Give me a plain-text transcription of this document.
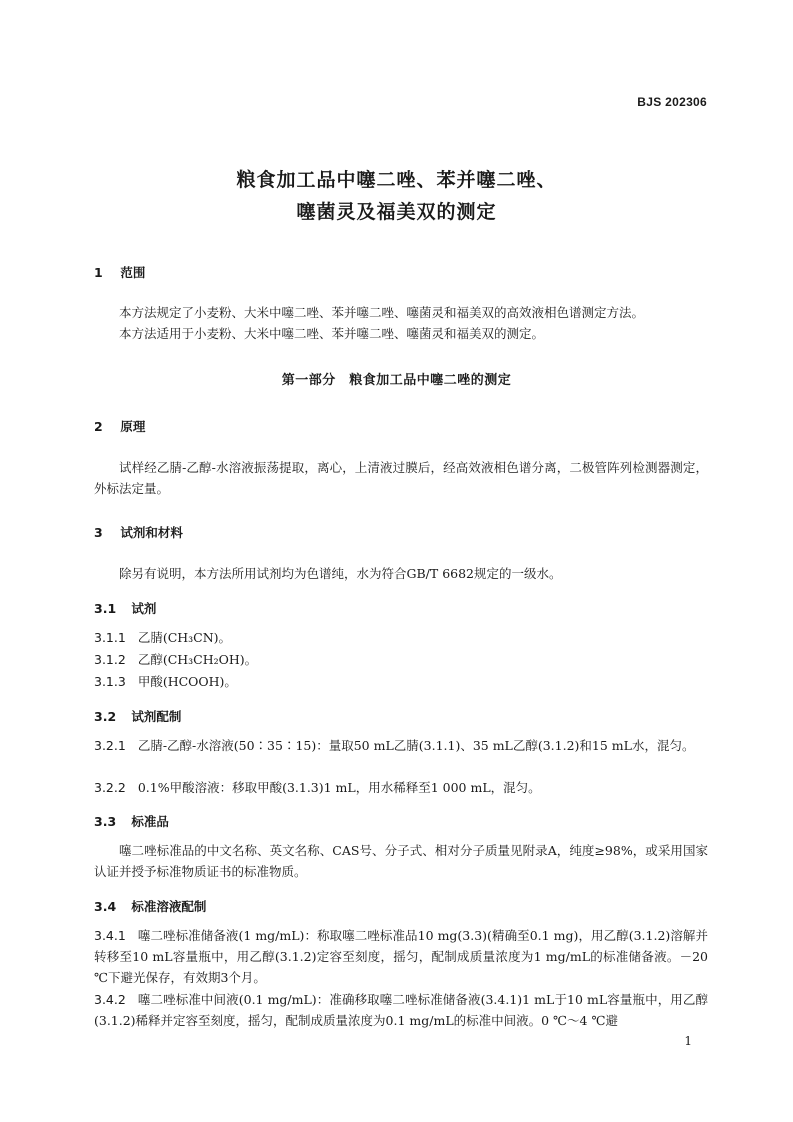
BJS 202306
粮食加工品中噻二唑、苯并噻二唑、
噻菌灵及福美双的测定
1 范围
本方法规定了小麦粉、大米中噻二唑、苯并噻二唑、噻菌灵和福美双的高效液相色谱测定方法。
本方法适用于小麦粉、大米中噻二唑、苯并噻二唑、噻菌灵和福美双的测定。
第一部分　粮食加工品中噻二唑的测定
2 原理
试样经乙腈-乙醇-水溶液振荡提取，离心，上清液过膜后，经高效液相色谱分离，二极管阵列检测器测定，外标法定量。
3 试剂和材料
除另有说明，本方法所用试剂均为色谱纯，水为符合GB/T 6682规定的一级水。
3.1 试剂
3.1.1 乙腈(CH₃CN)。
3.1.2 乙醇(CH₃CH₂OH)。
3.1.3 甲酸(HCOOH)。
3.2 试剂配制
3.2.1 乙腈-乙醇-水溶液(50∶35∶15)：量取50 mL乙腈(3.1.1)、35 mL乙醇(3.1.2)和15 mL水，混匀。
3.2.2 0.1%甲酸溶液：移取甲酸(3.1.3)1 mL，用水稀释至1 000 mL，混匀。
3.3 标准品
噻二唑标准品的中文名称、英文名称、CAS号、分子式、相对分子质量见附录A，纯度≥98%，或采用国家认证并授予标准物质证书的标准物质。
3.4 标准溶液配制
3.4.1 噻二唑标准储备液(1 mg/mL)：称取噻二唑标准品10 mg(3.3)(精确至0.1 mg)，用乙醇(3.1.2)溶解并转移至10 mL容量瓶中，用乙醇(3.1.2)定容至刻度，摇匀，配制成质量浓度为1 mg/mL的标准储备液。－20 ℃下避光保存，有效期3个月。
3.4.2 噻二唑标准中间液(0.1 mg/mL)：准确移取噻二唑标准储备液(3.4.1)1 mL于10 mL容量瓶中，用乙醇(3.1.2)稀释并定容至刻度，摇匀，配制成质量浓度为0.1 mg/mL的标准中间液。0 ℃～4 ℃避
1
